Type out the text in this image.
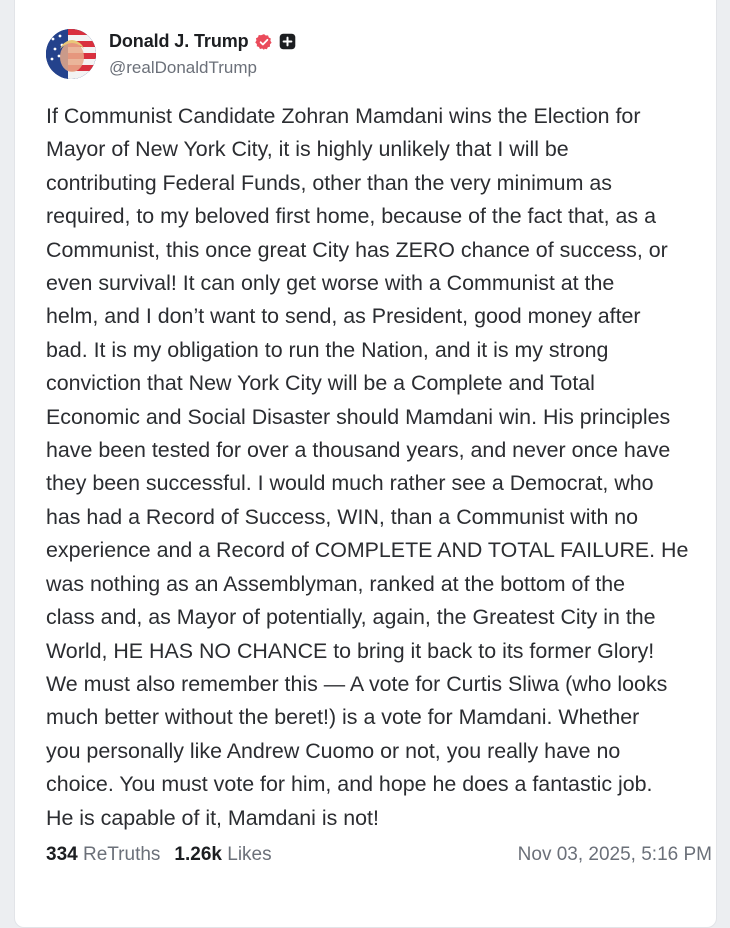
Donald J. Trump
@realDonaldTrump
If Communist Candidate Zohran Mamdani wins the Election for
Mayor of New York City, it is highly unlikely that I will be
contributing Federal Funds, other than the very minimum as
required, to my beloved first home, because of the fact that, as a
Communist, this once great City has ZERO chance of success, or
even survival! It can only get worse with a Communist at the
helm, and I don’t want to send, as President, good money after
bad. It is my obligation to run the Nation, and it is my strong
conviction that New York City will be a Complete and Total
Economic and Social Disaster should Mamdani win. His principles
have been tested for over a thousand years, and never once have
they been successful. I would much rather see a Democrat, who
has had a Record of Success, WIN, than a Communist with no
experience and a Record of COMPLETE AND TOTAL FAILURE. He
was nothing as an Assemblyman, ranked at the bottom of the
class and, as Mayor of potentially, again, the Greatest City in the
World, HE HAS NO CHANCE to bring it back to its former Glory!
We must also remember this — A vote for Curtis Sliwa (who looks
much better without the beret!) is a vote for Mamdani. Whether
you personally like Andrew Cuomo or not, you really have no
choice. You must vote for him, and hope he does a fantastic job.
He is capable of it, Mamdani is not!
334 ReTruths 1.26k Likes	Nov 03, 2025, 5:16 PM
